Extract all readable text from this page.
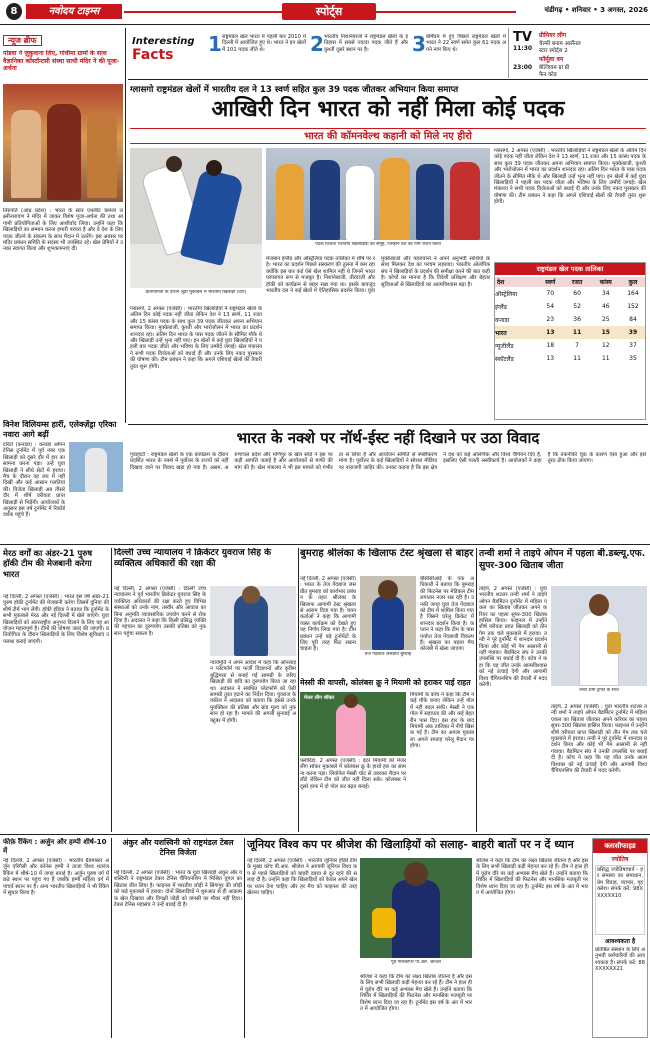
8	नवोदय टाइम्स	स्पोर्ट्स	चंडीगढ़ • शनिवार • 3 अगस्त, 2026
न्यूज ब्रीफ
पांडवा ने ज़ुकुवाना लिए, गांधीमा ग्रामों के साथ वैज्ञानिका कोंस्टॉन्टसी संस्था साथी मंदिर ने की पूजा-अर्चना
तिरुपति (आंध्र प्रदेश) : भारत के स्टार एथलीट कमला लक्ष्मीनारायण ने मंदिर में जाकर विशेष पूजा-अर्चना की तथा आगामी प्रतियोगिताओं के लिए आशीर्वाद लिया। उन्होंने कहा कि खिलाड़ियों का सम्मान करना हमारी परंपरा है और वे देश के लिए पदक जीतने के संकल्प के साथ मैदान में उतरेंगे। इस अवसर पर मंदिर प्रबंधन समिति के सदस्य भी उपस्थित रहे। खेल प्रेमियों ने उनका स्वागत किया और शुभकामनाएं दीं।
Interesting
Facts	1 राष्ट्रमंडल खेल भारत में पहली बार 2010 में दिल्ली में आयोजित हुए थे। भारत ने इन खेलों में 101 पदक जीते थे।	2 भारतीय निशानेबाजों ने राष्ट्रमंडल खेलों के इतिहास में सबसे ज्यादा पदक जीते हैं और कुश्ती दूसरे स्थान पर है।	3 बर्मिंघम में हुए पिछले राष्ट्रमंडल खेलों में भारत ने 22 स्वर्ण समेत कुल 61 पदक अपने नाम किए थे।
TV
11:30
प्रीमियर लीग
चेल्सी बनाम आर्सेनल
स्टार स्पोर्ट्स 2
23:00
फॉर्मूला वन
बेल्जियम ग्रां प्री
फैन कोड
ग्लासगो राष्ट्रमंडल खेलों में भारतीय दल ने 13 स्वर्ण सहित कुल 39 पदक जीतकर अभियान किया समाप्त
आखिरी दिन भारत को नहीं मिला कोई पदक
भारत की कॉमनवेल्थ कहानी को मिले नए हीरो
प्रतियोगिता के दौरान जूडो मुकाबले में भारतीय खिलाड़ी (दाएं)
ग्लासगो, 2 अगस्त (एजेंसी) : भारतीय खिलाड़ियों ने राष्ट्रमंडल खेलों के अंतिम दिन कोई पदक नहीं जीता लेकिन देश ने 13 स्वर्ण, 11 रजत और 15 कांस्य पदक के साथ कुल 39 पदक जीतकर अपना अभियान समाप्त किया। मुक्केबाजी, कुश्ती और भारोत्तोलन में भारत का प्रदर्शन शानदार रहा। अंतिम दिन भारत के पास पदक जीतने के सीमित मौके थे और खिलाड़ी उन्हें भुना नहीं पाए। इन खेलों में कई युवा खिलाड़ियों ने पहली बार पदक जीता और भविष्य के लिए उम्मीदें जगाईं। खेल मंत्रालय ने सभी पदक विजेताओं को बधाई दी और उनके लिए नकद पुरस्कार की घोषणा की। टीम प्रबंधन ने कहा कि अगले एशियाई खेलों की तैयारी तुरंत शुरू होगी।
पदक विजेता भारतीय खिलाड़ियों का समूह, जिन्होंने देश का नाम रोशन किया
मेजबान इंग्लैंड और ऑस्ट्रेलिया पदक तालिका में शीर्ष पर रहे। भारत का प्रदर्शन पिछले संस्करण की तुलना में कम रहा क्योंकि इस बार कई ऐसे खेल शामिल नहीं थे जिनमें भारत परंपरागत रूप से मजबूत है। निशानेबाजी, तीरंदाजी और हॉकी को कार्यक्रम से बाहर रखा गया था। इसके बावजूद भारतीय दल ने कई खेलों में ऐतिहासिक प्रदर्शन किया। युवा मुक्केबाजों और पहलवानों ने अपने अनुभवी साथियों के साथ मिलकर देश का परचम लहराया। भारतीय ओलंपिक संघ ने खिलाड़ियों के प्रदर्शन की समीक्षा करने की बात कही है। कोचों का मानना है कि विदेशी प्रशिक्षण और बेहतर सुविधाओं से खिलाड़ियों का आत्मविश्वास बढ़ा है।
ग्लासगो, 2 अगस्त (एजेंसी) : भारतीय खिलाड़ियों ने राष्ट्रमंडल खेलों के अंतिम दिन कोई पदक नहीं जीता लेकिन देश ने 13 स्वर्ण, 11 रजत और 15 कांस्य पदक के साथ कुल 39 पदक जीतकर अपना अभियान समाप्त किया। मुक्केबाजी, कुश्ती और भारोत्तोलन में भारत का प्रदर्शन शानदार रहा। अंतिम दिन भारत के पास पदक जीतने के सीमित मौके थे और खिलाड़ी उन्हें भुना नहीं पाए। इन खेलों में कई युवा खिलाड़ियों ने पहली बार पदक जीता और भविष्य के लिए उम्मीदें जगाईं। खेल मंत्रालय ने सभी पदक विजेताओं को बधाई दी और उनके लिए नकद पुरस्कार की घोषणा की। टीम प्रबंधन ने कहा कि अगले एशियाई खेलों की तैयारी तुरंत शुरू होगी।
राष्ट्रमंडल खेल पदक तालिका
देश	स्वर्ण	रजत	कांस्य	कुल
ऑस्ट्रेलिया	70	60	34	164
इंग्लैंड	54	52	46	152
कनाडा	23	36	25	84
भारत	13	11	15	39
न्यूजीलैंड	18	7	12	37
स्कॉटलैंड	13	11	11	35
विनेश विलियम्स हारीं, एलेक्ज़ेंड्रा एरिका नवारा आगे बढ़ीं
टोरंटो (कनाडा) : कनाडा ओपन टेनिस टूर्नामेंट में पूर्व नंबर एक खिलाड़ी को दूसरे दौर में हार का सामना करना पड़ा। उन्हें युवा खिलाड़ी ने सीधे सेटों में हराया। मैच के दौरान वह लय में नहीं दिखीं और कई आसान गलतियां कीं। विजेता खिलाड़ी अब तीसरे दौर में शीर्ष वरीयता प्राप्त खिलाड़ी से भिड़ेंगी। आयोजकों के अनुसार इस वर्ष टूर्नामेंट में रिकॉर्ड दर्शक पहुंचे हैं।
भारत के नक्शे पर नॉर्थ-ईस्ट नहीं दिखाने पर उठा विवाद
गुवाहाटी : राष्ट्रमंडल खेलों के एक कार्यक्रम के दौरान प्रदर्शित भारत के नक्शे में पूर्वोत्तर के राज्यों को नहीं दिखाए जाने पर विवाद खड़ा हो गया है। असम, अरुणाचल प्रदेश और मणिपुर के खेल संघों ने इस पर कड़ी आपत्ति जताई है और आयोजकों से माफी की मांग की है। खेल मंत्रालय ने भी इस मामले को गंभीरता से लिया है और आयोजन समिति से स्पष्टीकरण मांगा है। पूर्वोत्तर के कई खिलाड़ियों ने सोशल मीडिया पर नाराजगी जाहिर की। उनका कहना है कि इस क्षेत्र ने देश को कई ओलंपिक और विश्व चैंपियन दिए हैं, इसलिए ऐसी गलती अस्वीकार्य है। आयोजकों ने कहा है कि तकनीकी चूक के कारण ऐसा हुआ और इसे तुरंत ठीक किया जाएगा।
मेरठ वर्गों का अंडर-21 पुरुष हॉकी टीम की मेजबानी करेगा भारत
नई दिल्ली, 2 अगस्त (एजेंसी) : भारत इस वर्ष अंडर-21 पुरुष हॉकी टूर्नामेंट की मेजबानी करेगा जिसमें दुनिया की शीर्ष टीमें भाग लेंगी। हॉकी इंडिया ने बताया कि टूर्नामेंट के सभी मुकाबले मेरठ और नई दिल्ली में खेले जाएंगे। युवा खिलाड़ियों को अंतरराष्ट्रीय अनुभव दिलाने के लिए यह आयोजन महत्वपूर्ण है। टीमों की घोषणा जल्द की जाएगी। प्रतियोगिता के दौरान खिलाड़ियों के लिए विशेष सुविधाएं उपलब्ध कराई जाएंगी।
दिल्ली उच्च न्यायालय ने क्रिकेटर युवराज सिंह के व्यक्तित्व अधिकारों की रक्षा की
नई दिल्ली, 2 अगस्त (एजेंसी) : दिल्ली उच्च न्यायालय ने पूर्व भारतीय क्रिकेटर युवराज सिंह के व्यक्तित्व अधिकारों की रक्षा करते हुए विभिन्न संस्थाओं को उनके नाम, तस्वीर और आवाज का बिना अनुमति व्यावसायिक उपयोग करने से रोक दिया है। अदालत ने कहा कि किसी प्रसिद्ध व्यक्ति की पहचान का दुरुपयोग उसकी प्रतिष्ठा को नुकसान पहुंचा सकता है।
न्यायमूर्ति ने अपने आदेश में कहा कि ऑनलाइन प्लेटफॉर्म पर फर्जी विज्ञापनों और कृत्रिम बुद्धिमत्ता से बनाई गई सामग्री के जरिए खिलाड़ी की छवि का दुरुपयोग किया जा रहा था। अदालत ने संबंधित प्लेटफॉर्म को ऐसी सामग्री तुरंत हटाने का निर्देश दिया। युवराज के वकील ने अदालत को बताया कि इससे उनके मुवक्किल की प्रतिष्ठा और ब्रांड मूल्य को नुकसान हो रहा है। मामले की अगली सुनवाई अक्टूबर में होगी।
बुमराह श्रीलंका के खिलाफ टेस्ट श्रृंखला से बाहर
नई दिल्ली, 2 अगस्त (एजेंसी) : भारत के तेज गेंदबाज जसप्रीत बुमराह को कार्यभार प्रबंधन के तहत श्रीलंका के खिलाफ आगामी टेस्ट श्रृंखला से आराम दिया गया है। चयनकर्ताओं ने कहा कि आगामी व्यस्त कार्यक्रम को देखते हुए यह निर्णय लिया गया है। टीम प्रबंधन उन्हें बड़े टूर्नामेंटों के लिए पूरी तरह फिट रखना चाहता है।
तेज गेंदबाज जसप्रीत बुमराह
बीसीसीआई के एक अधिकारी ने बताया कि बुमराह की फिटनेस पर मेडिकल टीम लगातार नजर रख रही है। उनकी जगह युवा तेज गेंदबाज को टीम में शामिल किया गया है जिसने घरेलू क्रिकेट में शानदार प्रदर्शन किया है। कप्तान ने कहा कि टीम के पास पर्याप्त तेज गेंदबाजी विकल्प हैं। श्रृंखला का पहला मैच कोलंबो में खेला जाएगा।
मेस्सी की वापसी, कोलंबस क्रू ने मियामी को हराकर पाई राहत
मेजर लीग सॉकर
फ्लोरिडा, 2 अगस्त (एजेंसी) : इंटर मियामी को मेजर लीग सॉकर मुकाबले में कोलंबस क्रू के हाथों हार का सामना करना पड़ा। लियोनेल मेस्सी चोट से उबरकर मैदान पर लौटे लेकिन टीम को जीत नहीं दिला सके। कोलंबस ने दूसरे हाफ में दो गोल कर बढ़त बनाई।
मियामी के कोच ने कहा कि टीम ने कई मौके बनाए लेकिन उन्हें गोल में नहीं बदल सकी। मेस्सी ने एक गोल में सहायता की और कई बेहतरीन पास दिए। इस हार के बाद मियामी अंक तालिका में नीचे खिसक गई है। टीम का अगला मुकाबला अगले सप्ताह घरेलू मैदान पर होगा।
तन्वी शर्मा ने ताइपे ओपन में पहला बी.डब्ल्यू.एफ. सुपर-300 खिताब जीता
तन्वी शर्मा ट्रॉफी के साथ
ताइपे, 2 अगस्त (एजेंसी) : युवा भारतीय शटलर तन्वी शर्मा ने ताइपे ओपन बैडमिंटन टूर्नामेंट में महिला एकल का खिताब जीतकर अपने करियर का पहला सुपर-300 खिताब हासिल किया। फाइनल में उन्होंने शीर्ष वरीयता प्राप्त खिलाड़ी को तीन गेम तक चले मुकाबले में हराया। तन्वी ने पूरे टूर्नामेंट में शानदार प्रदर्शन किया और कोई भी गेम आसानी से नहीं गंवाया। बैडमिंटन संघ ने उनकी उपलब्धि पर बधाई दी है। कोच ने कहा कि यह जीत उनके आत्मविश्वास को नई ऊंचाई देगी और आगामी विश्व चैंपियनशिप की तैयारी में मदद करेगी।
ताइपे, 2 अगस्त (एजेंसी) : युवा भारतीय शटलर तन्वी शर्मा ने ताइपे ओपन बैडमिंटन टूर्नामेंट में महिला एकल का खिताब जीतकर अपने करियर का पहला सुपर-300 खिताब हासिल किया। फाइनल में उन्होंने शीर्ष वरीयता प्राप्त खिलाड़ी को तीन गेम तक चले मुकाबले में हराया। तन्वी ने पूरे टूर्नामेंट में शानदार प्रदर्शन किया और कोई भी गेम आसानी से नहीं गंवाया। बैडमिंटन संघ ने उनकी उपलब्धि पर बधाई दी है। कोच ने कहा कि यह जीत उनके आत्मविश्वास को नई ऊंचाई देगी और आगामी विश्व चैंपियनशिप की तैयारी में मदद करेगी।
फीफ़े रैंकिंग : अर्जुन और हम्पी शीर्ष-10 में
नई दिल्ली, 2 अगस्त (एजेंसी) : भारतीय ग्रैंडमास्टर अर्जुन एरिगैसी और कोनेरू हम्पी ने ताजा विश्व शतरंज रैंकिंग में शीर्ष-10 में जगह बनाई है। अर्जुन पुरुष वर्ग में छठे स्थान पर पहुंच गए हैं जबकि हम्पी महिला वर्ग में पांचवें स्थान पर हैं। अन्य भारतीय खिलाड़ियों ने भी रैंकिंग में सुधार किया है।
अंकुर और यशस्विनी को राष्ट्रमंडल टेबल टेनिस विजेता
नई दिल्ली, 2 अगस्त (एजेंसी) : भारत के युवा खिलाड़ी अंकुर और यशस्विनी ने राष्ट्रमंडल टेबल टेनिस चैंपियनशिप में मिश्रित युगल का खिताब जीत लिया है। फाइनल में भारतीय जोड़ी ने सिंगापुर की जोड़ी को कड़े मुकाबले में हराया। दोनों खिलाड़ियों ने शुरुआत से ही आक्रामक खेल दिखाया और विपक्षी जोड़ी को वापसी का मौका नहीं दिया। टेबल टेनिस महासंघ ने उन्हें बधाई दी है।
जूनियर विश्व कप पर श्रीजेश की खिलाड़ियों को सलाह- बाहरी बातों पर न दें ध्यान
नई दिल्ली, 2 अगस्त (एजेंसी) : भारतीय जूनियर हॉकी टीम के मुख्य कोच पी.आर. श्रीजेश ने आगामी जूनियर विश्व कप से पहले खिलाड़ियों को बाहरी दबाव से दूर रहने की सलाह दी है। उन्होंने कहा कि खिलाड़ियों को केवल अपने खेल पर ध्यान देना चाहिए और हर मैच को फाइनल की तरह खेलना चाहिए।
पूर्व गोलकीपर पी.आर. श्रीजेश
श्रीजेश ने कहा कि टीम का लक्ष्य खिताब जीतना है और इसके लिए सभी खिलाड़ी कड़ी मेहनत कर रहे हैं। टीम ने हाल ही में यूरोप दौरे पर कई अभ्यास मैच खेले हैं। उन्होंने बताया कि शिविर में खिलाड़ियों की फिटनेस और मानसिक मजबूती पर विशेष ध्यान दिया जा रहा है। टूर्नामेंट इस वर्ष के अंत में भारत में आयोजित होगा।
श्रीजेश ने कहा कि टीम का लक्ष्य खिताब जीतना है और इसके लिए सभी खिलाड़ी कड़ी मेहनत कर रहे हैं। टीम ने हाल ही में यूरोप दौरे पर कई अभ्यास मैच खेले हैं। उन्होंने बताया कि शिविर में खिलाड़ियों की फिटनेस और मानसिक मजबूती पर विशेष ध्यान दिया जा रहा है। टूर्नामेंट इस वर्ष के अंत में भारत में आयोजित होगा।
क्लासीफाइड
ज्योतिष
प्रसिद्ध ज्योतिषाचार्य - हर समस्या का समाधान, प्रेम विवाह, व्यापार, गृह क्लेश। संपर्क करें: 98XXXXXX10
आवश्यकता है
प्रतिष्ठित संस्थान के लिए अनुभवी कर्मचारियों की आवश्यकता है। संपर्क करें: 88XXXXXX21
